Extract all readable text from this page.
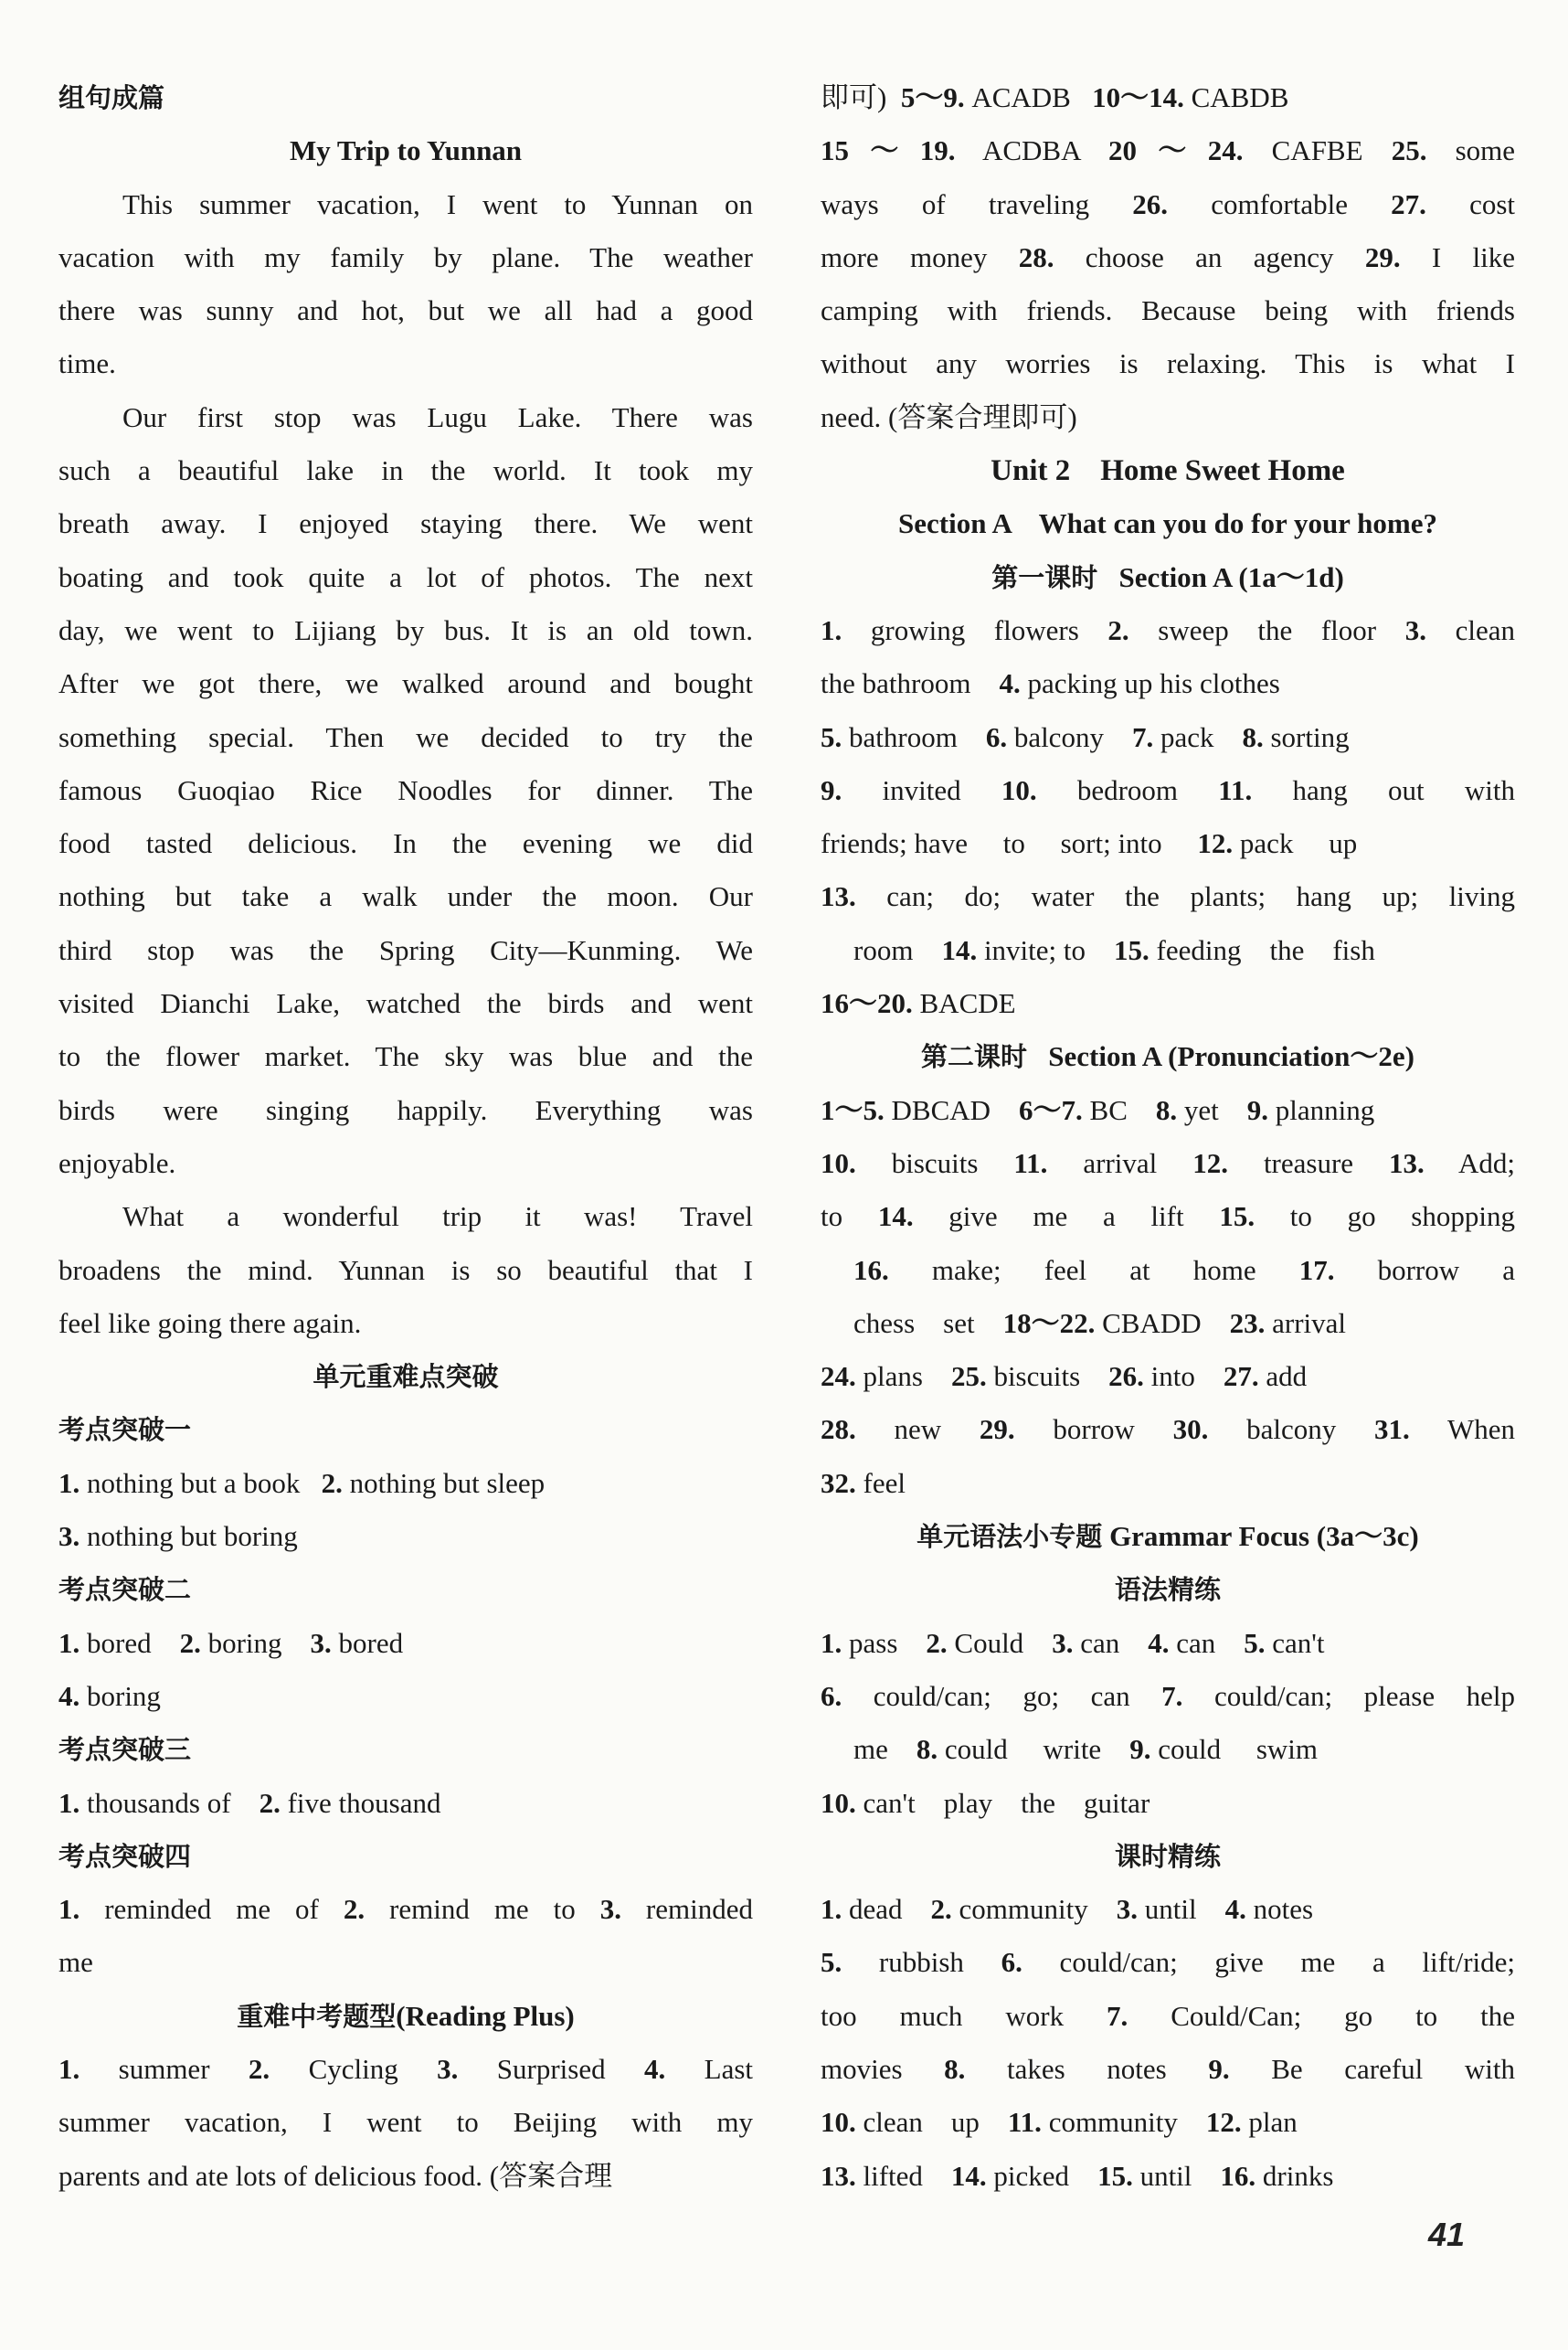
组句成篇

My Trip to Yunnan

This summer vacation, I went to Yunnan on

vacation with my family by plane. The weather

there was sunny and hot, but we all had a good

time.

Our first stop was Lugu Lake. There was

such a beautiful lake in the world. It took my

breath away. I enjoyed staying there. We went

boating and took quite a lot of photos. The next

day, we went to Lijiang by bus. It is an old town.

After we got there, we walked around and bought

something special. Then we decided to try the

famous Guoqiao Rice Noodles for dinner. The

food tasted delicious. In the evening we did

nothing but take a walk under the moon. Our

third stop was the Spring City—Kunming. We

visited Dianchi Lake, watched the birds and went

to the flower market. The sky was blue and the

birds were singing happily. Everything was

enjoyable.

What a wonderful trip it was! Travel

broadens the mind. Yunnan is so beautiful that I

feel like going there again.

单元重难点突破

考点突破一

1. nothing but a book   2. nothing but sleep

3. nothing but boring

考点突破二

1. bored    2. boring    3. bored

4. boring

考点突破三

1. thousands of    2. five thousand

考点突破四

1. reminded me of 2. remind me to 3. reminded

me

重难中考题型(Reading Plus)

1. summer 2. Cycling 3. Surprised 4. Last

summer vacation, I went to Beijing with my

parents and ate lots of delicious food. (答案合理

即可)  5～9. ACADB   10～14. CABDB

15～19. ACDBA 20～24. CAFBE 25. some

ways of traveling 26. comfortable 27. cost

more money 28. choose an agency 29. I like

camping with friends. Because being with friends

without any worries is relaxing. This is what I

need. (答案合理即可)

Unit 2    Home Sweet Home

Section A    What can you do for your home?

第一课时   Section A (1a～1d)

1. growing flowers 2. sweep the floor 3. clean

the bathroom    4. packing up his clothes

5. bathroom    6. balcony    7. pack    8. sorting

9. invited 10. bedroom 11. hang out with

friends; have     to     sort; into     12. pack     up

13. can; do; water the plants; hang up; living

room    14. invite; to    15. feeding    the    fish

16～20. BACDE

第二课时   Section A (Pronunciation～2e)

1～5. DBCAD    6～7. BC    8. yet    9. planning

10. biscuits 11. arrival 12. treasure 13. Add;

to 14. give me a lift 15. to go shopping

16. make; feel at home 17. borrow a

chess    set    18～22. CBADD    23. arrival

24. plans    25. biscuits    26. into    27. add

28. new 29. borrow 30. balcony 31. When

32. feel

单元语法小专题 Grammar Focus (3a～3c)

语法精练

1. pass    2. Could    3. can    4. can    5. can't

6. could/can; go; can 7. could/can; please help

me    8. could     write    9. could     swim

10. can't    play    the    guitar

课时精练

1. dead    2. community    3. until    4. notes

5. rubbish 6. could/can; give me a lift/ride;

too much work 7. Could/Can; go to the

movies 8. takes notes 9. Be careful with

10. clean    up    11. community    12. plan

13. lifted    14. picked    15. until    16. drinks

41
